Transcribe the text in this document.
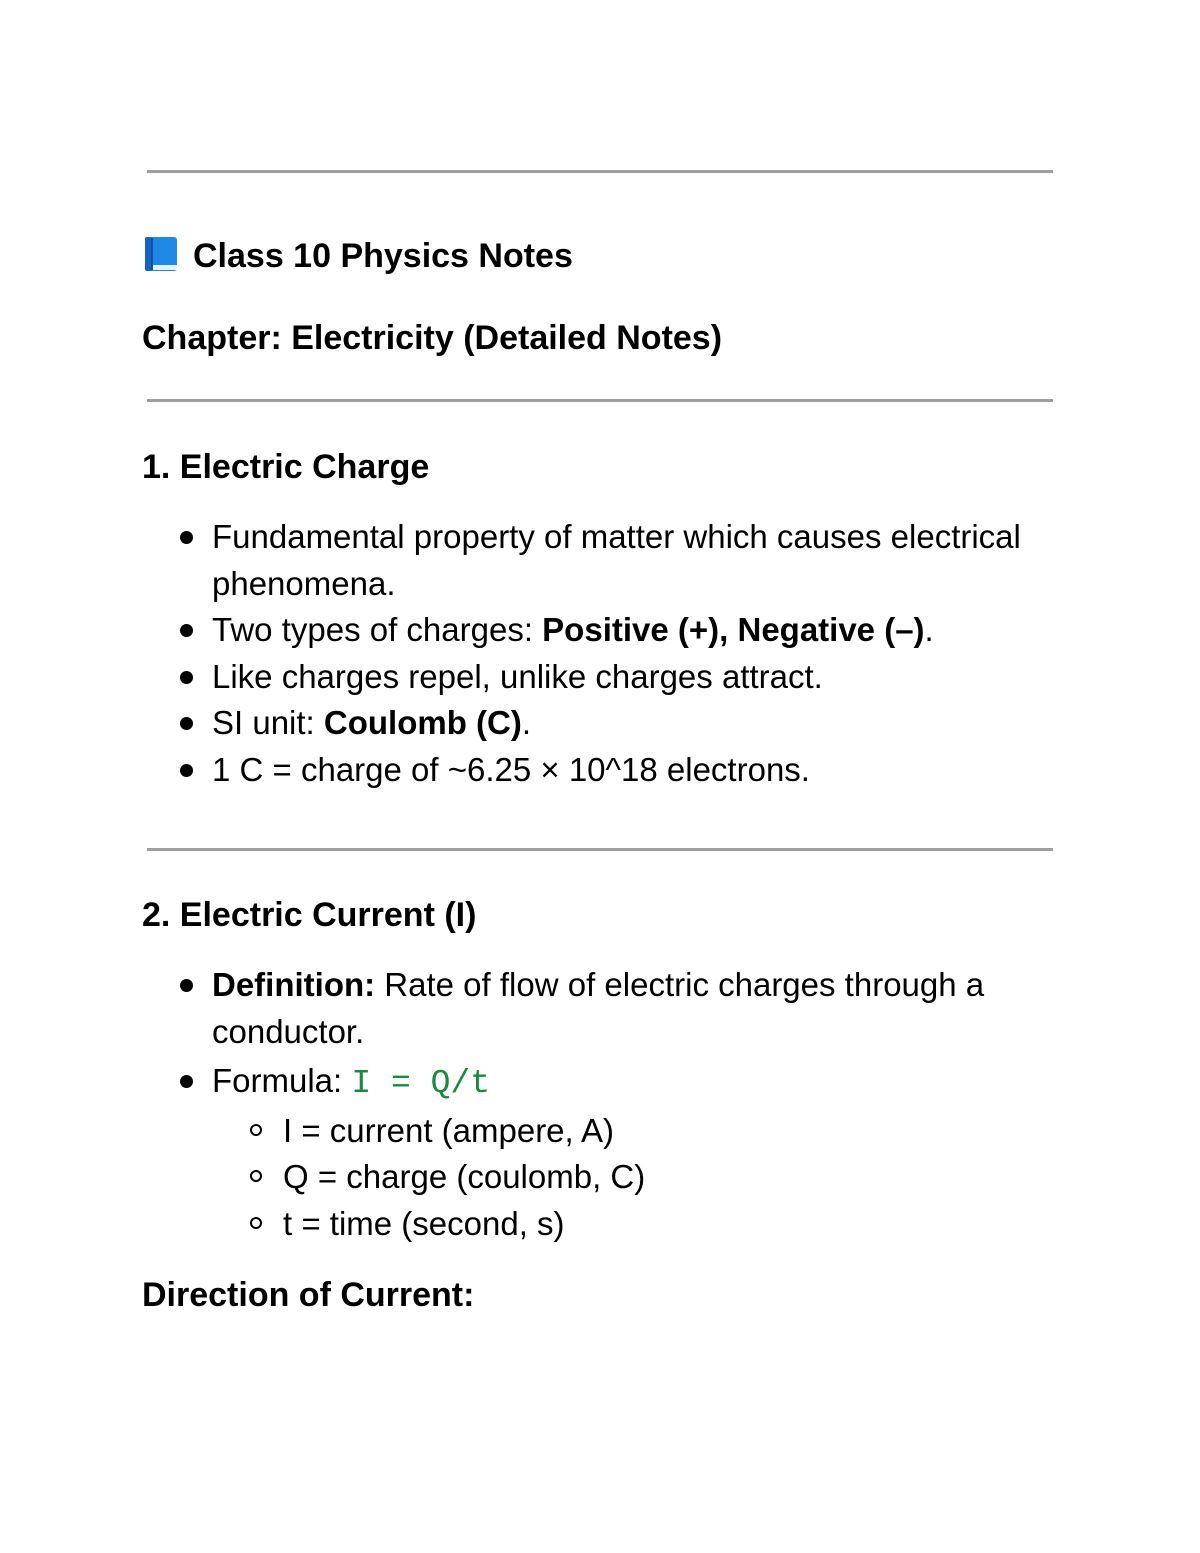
Class 10 Physics Notes
Chapter: Electricity (Detailed Notes)
1. Electric Charge
Fundamental property of matter which causes electrical phenomena.
Two types of charges: Positive (+), Negative (–).
Like charges repel, unlike charges attract.
SI unit: Coulomb (C).
1 C = charge of ~6.25 × 10^18 electrons.
2. Electric Current (I)
Definition: Rate of flow of electric charges through a conductor.
Formula: I = Q/t
I = current (ampere, A)
Q = charge (coulomb, C)
t = time (second, s)
Direction of Current:
